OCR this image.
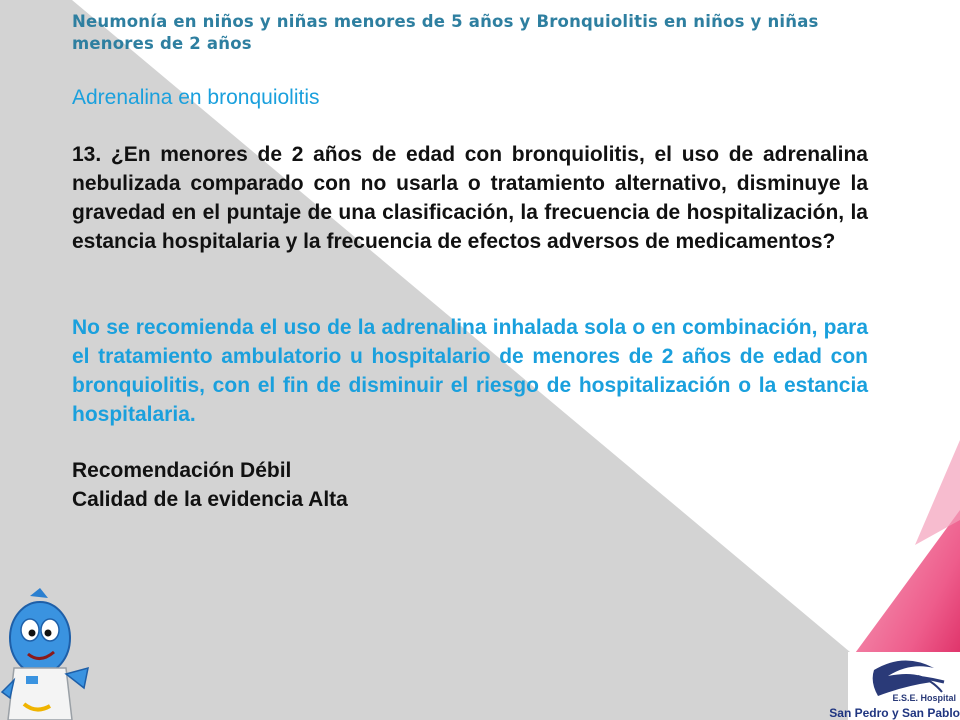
Neumonía en niños y niñas menores de 5 años y Bronquiolitis en niños y niñas menores de 2 años
Adrenalina en bronquiolitis
13. ¿En menores de 2 años de edad con bronquiolitis, el uso de adrenalina nebulizada comparado con no usarla o tratamiento alternativo, disminuye la gravedad en el puntaje de una clasificación, la frecuencia de hospitalización, la estancia hospitalaria y la frecuencia de efectos adversos de medicamentos?
No se recomienda el uso de la adrenalina inhalada sola o en combinación, para el tratamiento ambulatorio u hospitalario de menores de 2 años de edad con bronquiolitis, con el fin de disminuir el riesgo de hospitalización o la estancia hospitalaria.
Recomendación Débil
Calidad de la evidencia Alta
E.S.E. Hospital
San Pedro y San Pablo
